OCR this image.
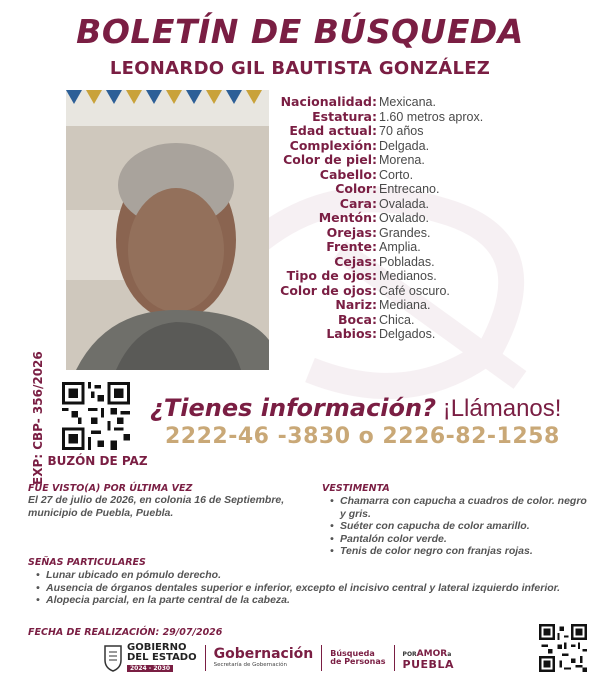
BOLETÍN DE BÚSQUEDA
LEONARDO GIL BAUTISTA GONZÁLEZ
EXP: CBP- 356/2026
Nacionalidad: Mexicana.
Estatura: 1.60 metros aprox.
Edad actual: 70 años
Complexión: Delgada.
Color de piel: Morena.
Cabello: Corto.
Color: Entrecano.
Cara: Ovalada.
Mentón: Ovalado.
Orejas: Grandes.
Frente: Amplia.
Cejas: Pobladas.
Tipo de ojos: Medianos.
Color de ojos: Café oscuro.
Nariz: Mediana.
Boca: Chica.
Labios: Delgados.
BUZÓN DE PAZ
¿Tienes información? ¡Llámanos!
2222-46 -3830 o 2226-82-1258
FUE VISTO(A) POR ÚLTIMA VEZ
El 27 de julio de 2026, en colonia 16 de Septiembre, municipio de Puebla, Puebla.
VESTIMENTA
• Chamarra con capucha a cuadros de color. negro y gris.
• Suéter con capucha de color amarillo.
• Pantalón color verde.
• Tenis de color negro con franjas rojas.
SEÑAS PARTICULARES
• Lunar ubicado en pómulo derecho.
• Ausencia de órganos dentales superior e inferior, excepto el incisivo central y lateral izquierdo inferior.
• Alopecia parcial, en la parte central de la cabeza.
FECHA DE REALIZACIÓN: 29/07/2026
GOBIERNO
DEL ESTADO
2024 - 2030
Gobernación
Secretaría de Gobernación
Búsqueda
de Personas
PORAMORa
PUEBLA
